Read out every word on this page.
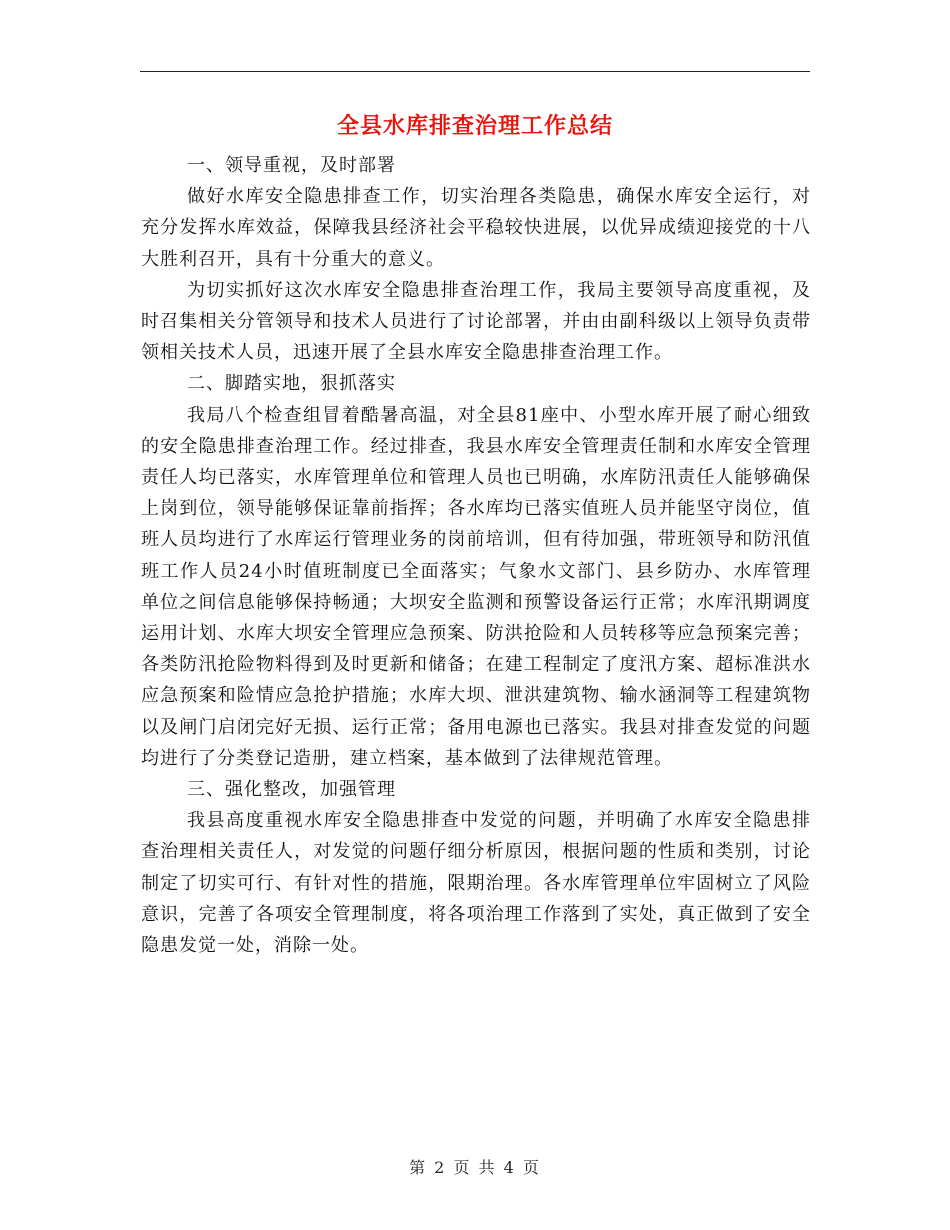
全县水库排查治理工作总结

一、领导重视，及时部署

做好水库安全隐患排查工作，切实治理各类隐患，确保水库安全运行，对充分发挥水库效益，保障我县经济社会平稳较快进展，以优异成绩迎接党的十八大胜利召开，具有十分重大的意义。

为切实抓好这次水库安全隐患排查治理工作，我局主要领导高度重视，及时召集相关分管领导和技术人员进行了讨论部署，并由由副科级以上领导负责带领相关技术人员，迅速开展了全县水库安全隐患排查治理工作。

二、脚踏实地，狠抓落实

我局八个检查组冒着酷暑高温，对全县81座中、小型水库开展了耐心细致的安全隐患排查治理工作。经过排查，我县水库安全管理责任制和水库安全管理责任人均已落实，水库管理单位和管理人员也已明确，水库防汛责任人能够确保上岗到位，领导能够保证靠前指挥；各水库均已落实值班人员并能坚守岗位，值班人员均进行了水库运行管理业务的岗前培训，但有待加强，带班领导和防汛值班工作人员24小时值班制度已全面落实；气象水文部门、县乡防办、水库管理单位之间信息能够保持畅通；大坝安全监测和预警设备运行正常；水库汛期调度运用计划、水库大坝安全管理应急预案、防洪抢险和人员转移等应急预案完善；各类防汛抢险物料得到及时更新和储备；在建工程制定了度汛方案、超标准洪水应急预案和险情应急抢护措施；水库大坝、泄洪建筑物、输水涵洞等工程建筑物以及闸门启闭完好无损、运行正常；备用电源也已落实。我县对排查发觉的问题均进行了分类登记造册，建立档案，基本做到了法律规范管理。

三、强化整改，加强管理

我县高度重视水库安全隐患排查中发觉的问题，并明确了水库安全隐患排查治理相关责任人，对发觉的问题仔细分析原因，根据问题的性质和类别，讨论制定了切实可行、有针对性的措施，限期治理。各水库管理单位牢固树立了风险意识，完善了各项安全管理制度，将各项治理工作落到了实处，真正做到了安全隐患发觉一处，消除一处。

第 2 页 共 4 页
